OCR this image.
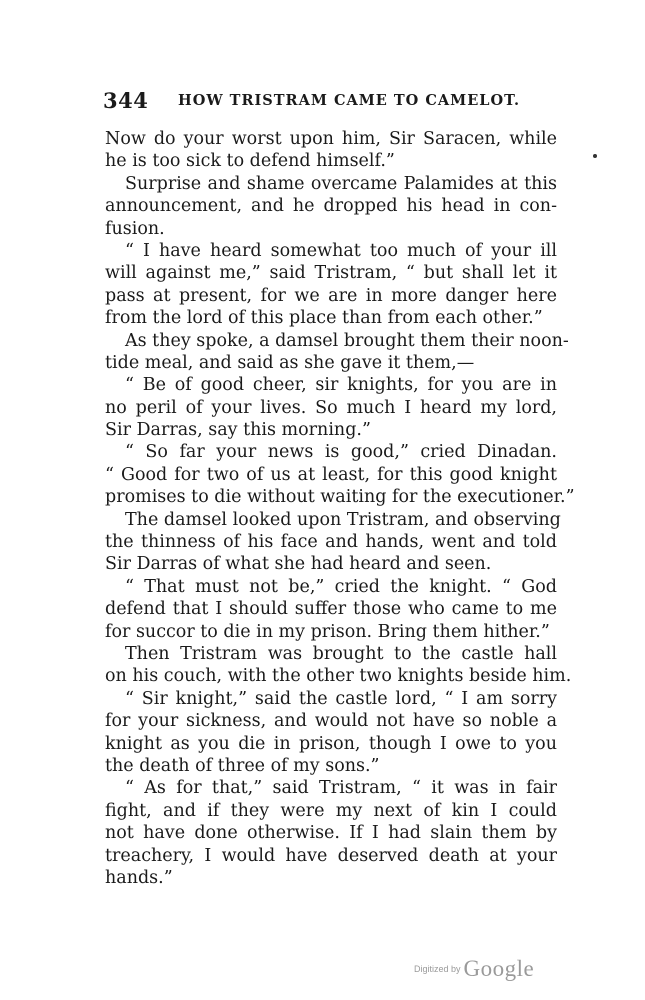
344 HOW TRISTRAM CAME TO CAMELOT.
Now do your worst upon him, Sir Saracen, while
he is too sick to defend himself.”
Surprise and shame overcame Palamides at this
announcement, and he dropped his head in con-
fusion.
“ I have heard somewhat too much of your ill
will against me,” said Tristram, “ but shall let it
pass at present, for we are in more danger here
from the lord of this place than from each other.”
As they spoke, a damsel brought them their noon-
tide meal, and said as she gave it them,—
“ Be of good cheer, sir knights, for you are in
no peril of your lives. So much I heard my lord,
Sir Darras, say this morning.”
“ So far your news is good,” cried Dinadan.
“ Good for two of us at least, for this good knight
promises to die without waiting for the executioner.”
The damsel looked upon Tristram, and observing
the thinness of his face and hands, went and told
Sir Darras of what she had heard and seen.
“ That must not be,” cried the knight. “ God
defend that I should suffer those who came to me
for succor to die in my prison. Bring them hither.”
Then Tristram was brought to the castle hall
on his couch, with the other two knights beside him.
“ Sir knight,” said the castle lord, “ I am sorry
for your sickness, and would not have so noble a
knight as you die in prison, though I owe to you
the death of three of my sons.”
“ As for that,” said Tristram, “ it was in fair
fight, and if they were my next of kin I could
not have done otherwise. If I had slain them by
treachery, I would have deserved death at your
hands.”
$^{Digitized by}$ Google
